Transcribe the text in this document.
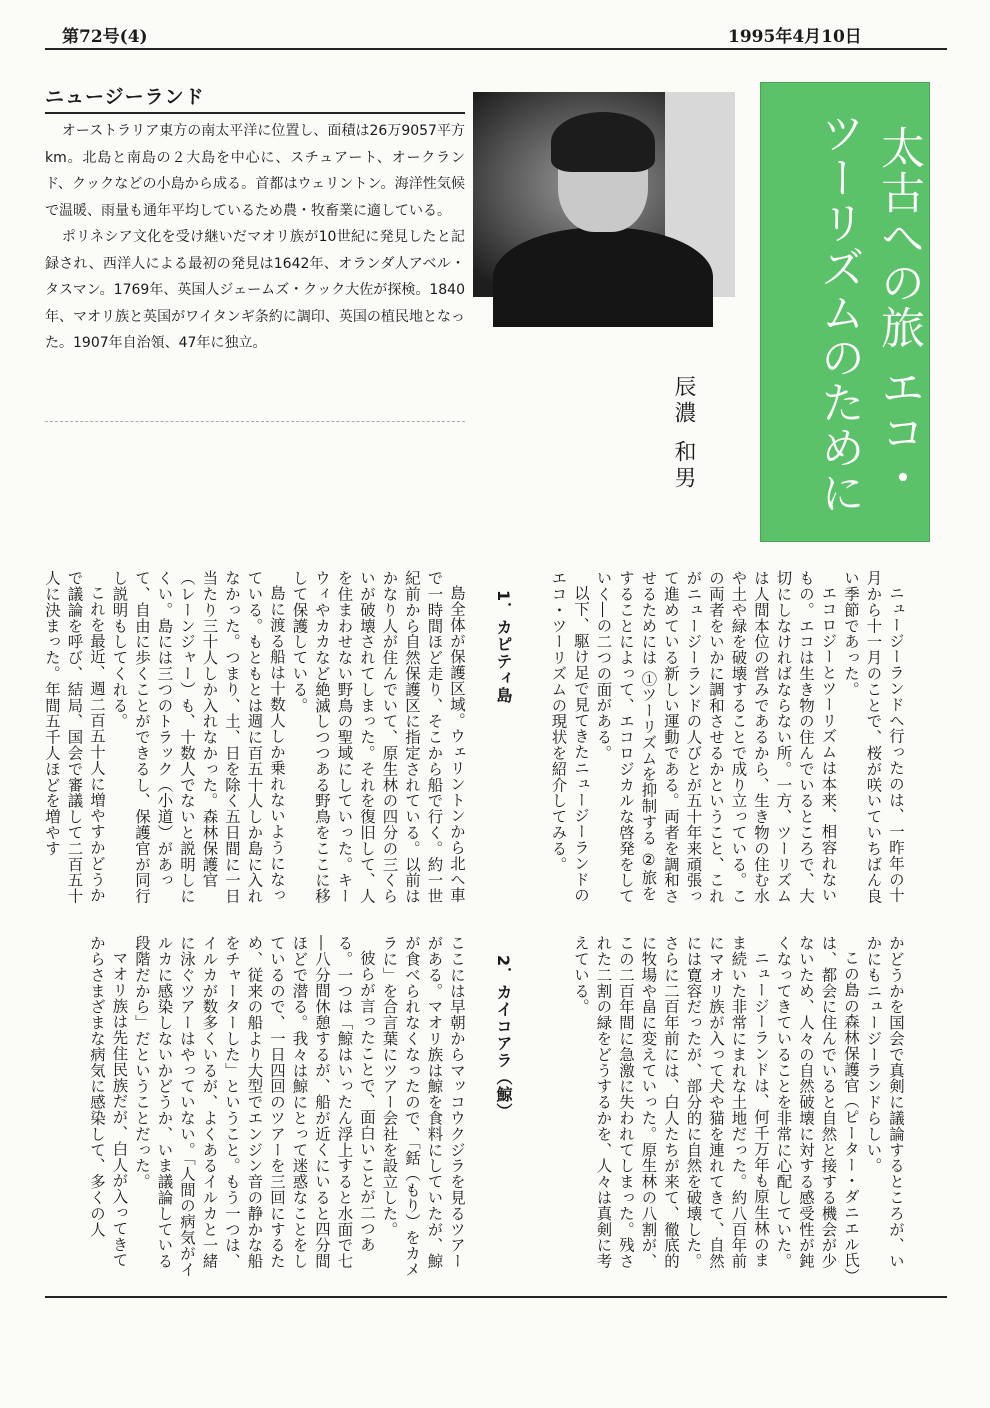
第72号(4)	1995年4月10日
ニュージーランド

オーストラリア東方の南太平洋に位置し、面積は26万9057平方km。北島と南島の２大島を中心に、スチュアート、オークランド、クックなどの小島から成る。首都はウェリントン。海洋性気候で温暖、雨量も通年平均しているため農・牧畜業に適している。

ポリネシア文化を受け継いだマオリ族が10世紀に発見したと記録され、西洋人による最初の発見は1642年、オランダ人アベル・タスマン。1769年、英国人ジェームズ・クック大佐が探検。1840年、マオリ族と英国がワイタンギ条約に調印、英国の植民地となった。1907年自治領、47年に独立。

辰濃
和男	太古への旅 エコ・
ツーリズムのために

ニュージーランドへ行ったのは、一昨年の十月から十一月のことで、桜が咲いていちばん良い季節であった。

エコロジーとツーリズムは本来、相容れないもの。エコは生き物の住んでいるところで、大切にしなければならない所。一方、ツーリズムは人間本位の営みであるから、生き物の住む水や土や緑を破壊することで成り立っている。この両者をいかに調和させるかということ、これがニュージーランドの人びとが五十年来頑張って進めている新しい運動である。両者を調和させるためには ①ツーリズムを抑制する ②旅をすることによって、エコロジカルな啓発をしていく―の二つの面がある。

以下、駆け足で見てきたニュージーランドのエコ・ツーリズムの現状を紹介してみる。

1．カピティ島

島全体が保護区域。ウェリントンから北へ車で一時間ほど走り、そこから船で行く。約一世紀前から自然保護区に指定されている。以前はかなり人が住んでいて、原生林の四分の三くらいが破壊されてしまった。それを復旧して、人を住まわせない野鳥の聖域にしていった。キーウィやカカなど絶滅しつつある野鳥をここに移して保護している。

島に渡る船は十数人しか乗れないようになっている。もともとは週に百五十人しか島に入れなかった。つまり、土、日を除く五日間に一日当たり三十人しか入れなかった。森林保護官（レーンジャー）も、十数人でないと説明しにくい。島には三つのトラック（小道）があって、自由に歩くことができるし、保護官が同行し説明もしてくれる。

これを最近、週二百五十人に増やすかどうかで議論を呼び、結局、国会で審議して二百五十人に決まった。年間五千人ほどを増やす

かどうかを国会で真剣に議論するところが、いかにもニュージーランドらしい。

この島の森林保護官（ピーター・ダニエル氏）は、都会に住んでいると自然と接する機会が少ないため、人々の自然破壊に対する感受性が鈍くなってきていることを非常に心配していた。

ニュージーランドは、何千万年も原生林のまま続いた非常にまれな土地だった。約八百年前にマオリ族が入って犬や猫を連れてきて、自然には寛容だったが、部分的に自然を破壊した。さらに二百年前には、白人たちが来て、徹底的に牧場や畠に変えていった。原生林の八割が、この二百年間に急激に失われてしまった。残された二割の緑をどうするかを、人々は真剣に考えている。

2．カイコアラ（鯨）

ここには早朝からマッコウクジラを見るツアーがある。マオリ族は鯨を食料にしていたが、鯨が食べられなくなったので、「銛（もり）をカメラに」を合言葉にツアー会社を設立した。

彼らが言ったことで、面白いことが二つある。一つは「鯨はいったん浮上すると水面で七―八分間休憩するが、船が近くにいると四分間ほどで潜る。我々は鯨にとって迷惑なことをしているので、一日四回のツアーを三回にするため、従来の船より大型でエンジン音の静かな船をチャーターした」ということ。もう一つは、イルカが数多くいるが、よくあるイルカと一緒に泳ぐツアーはやっていない。「人間の病気がイルカに感染しないかどうか、いま議論している段階だから」だということだった。

マオリ族は先住民族だが、白人が入ってきてからさまざまな病気に感染して、多くの人
